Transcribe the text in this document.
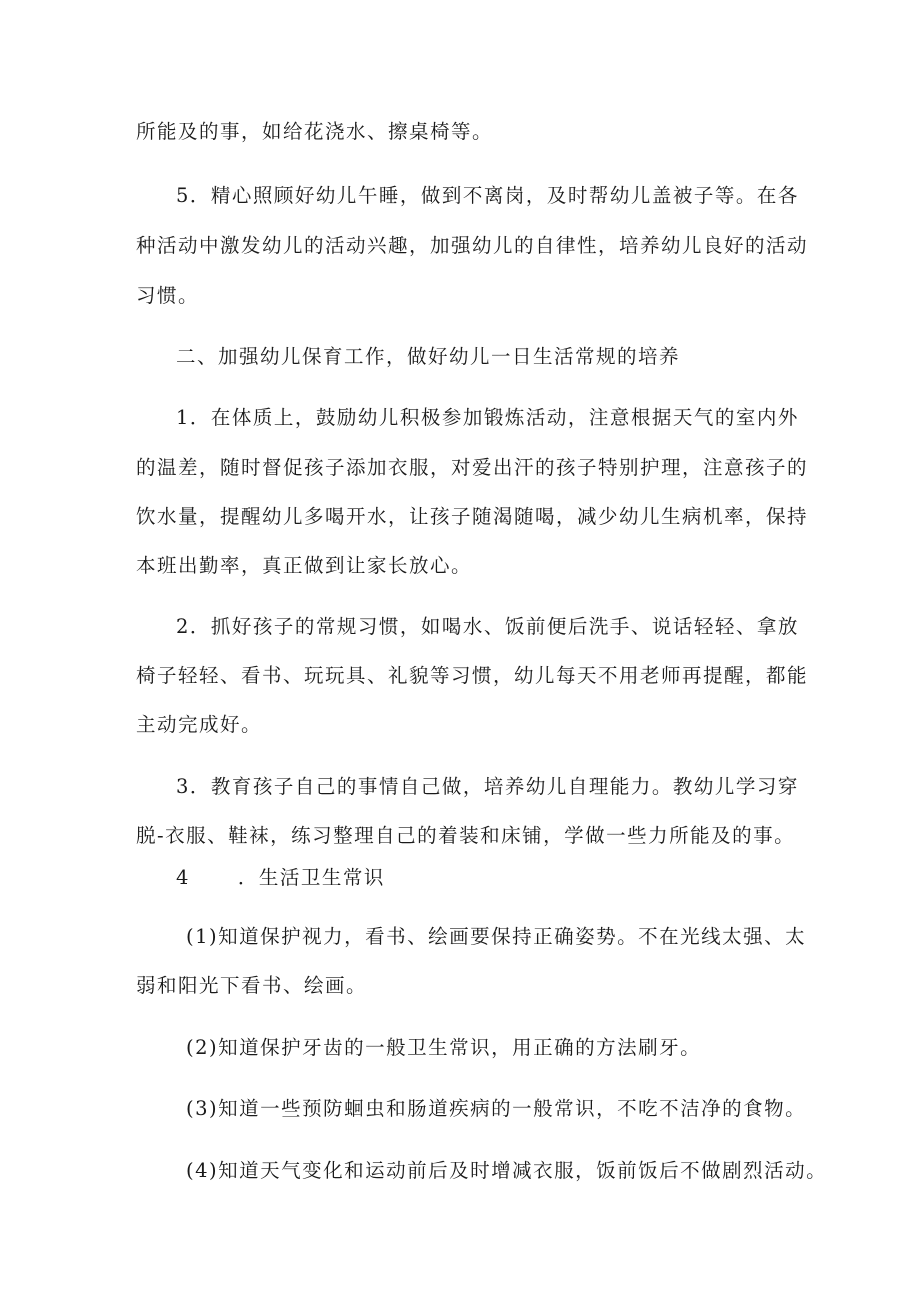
所能及的事，如给花浇水、擦桌椅等。
5．精心照顾好幼儿午睡，做到不离岗，及时帮幼儿盖被子等。在各
种活动中激发幼儿的活动兴趣，加强幼儿的自律性，培养幼儿良好的活动
习惯。
二、加强幼儿保育工作，做好幼儿一日生活常规的培养
1．在体质上，鼓励幼儿积极参加锻炼活动，注意根据天气的室内外
的温差，随时督促孩子添加衣服，对爱出汗的孩子特别护理，注意孩子的
饮水量，提醒幼儿多喝开水，让孩子随渴随喝，减少幼儿生病机率，保持
本班出勤率，真正做到让家长放心。
2．抓好孩子的常规习惯，如喝水、饭前便后洗手、说话轻轻、拿放
椅子轻轻、看书、玩玩具、礼貌等习惯，幼儿每天不用老师再提醒，都能
主动完成好。
3．教育孩子自己的事情自己做，培养幼儿自理能力。教幼儿学习穿
脱-衣服、鞋袜，练习整理自己的着装和床铺，学做一些力所能及的事。
4 ．生活卫生常识
(1)知道保护视力，看书、绘画要保持正确姿势。不在光线太强、太
弱和阳光下看书、绘画。
(2)知道保护牙齿的一般卫生常识，用正确的方法刷牙。
(3)知道一些预防蛔虫和肠道疾病的一般常识，不吃不洁净的食物。
(4)知道天气变化和运动前后及时增减衣服，饭前饭后不做剧烈活动。
